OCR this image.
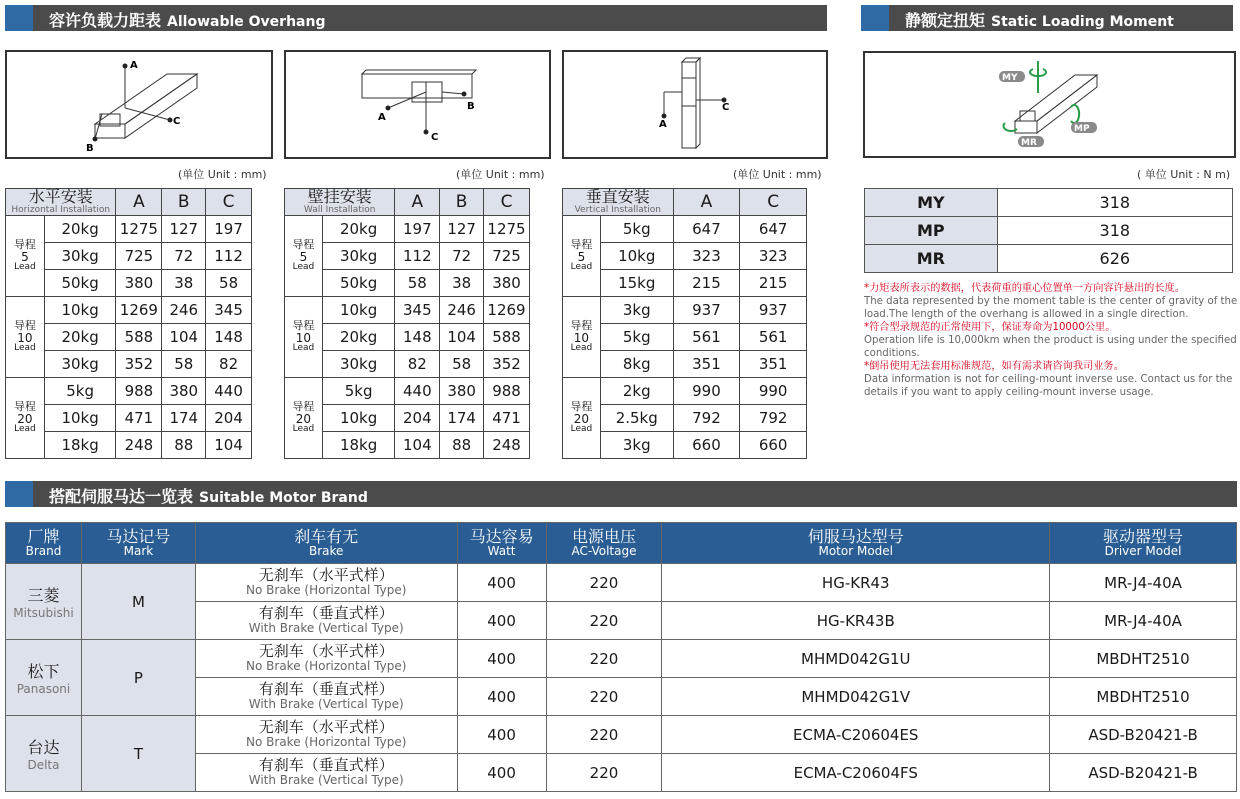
容许负载力距表 Allowable Overhang	静额定扭矩 Static Loading Moment
搭配伺服马达一览表 Suitable Motor Brand
A
C
B
(单位 Unit : mm)
A
C
B
(单位 Unit : mm)
A
C
(单位 Unit : mm)
MY
MP
MR
( 单位 Unit : N m)
水平安装
Horizontal Installation		A	B	C
导程
5
Lead	20kg	1275	127	197
	30kg	725	72	112
	50kg	380	38	58
导程
10
Lead	10kg	1269	246	345
	20kg	588	104	148
	30kg	352	58	82
导程
20
Lead	5kg	988	380	440
	10kg	471	174	204
	18kg	248	88	104
壁挂安装
Wall Installation		A	B	C
导程
5
Lead	20kg	197	127	1275
	30kg	112	72	725
	50kg	58	38	380
导程
10
Lead	10kg	345	246	1269
	20kg	148	104	588
	30kg	82	58	352
导程
20
Lead	5kg	440	380	988
	10kg	204	174	471
	18kg	104	88	248
垂直安装
Vertical Installation		A	C
导程
5
Lead	5kg	647	647
	10kg	323	323
	15kg	215	215
导程
10
Lead	3kg	937	937
	5kg	561	561
	8kg	351	351
导程
20
Lead	2kg	990	990
	2.5kg	792	792
	3kg	660	660
MY	318
MP	318
MR	626
*力矩表所表示的数据，代表荷重的重心位置单一方向容许悬出的长度。
The data represented by the moment table is the center of gravity of the load.The length of the overhang is allowed in a single direction.
*符合型录规范的正常使用下，保证寿命为10000公里。
Operation life is 10,000km when the product is using under the specified conditions.
*倒吊使用无法套用标准规范，如有需求请咨询我司业务。
Data information is not for ceiling-mount inverse use. Contact us for the details if you want to apply ceiling-mount inverse usage.
厂牌
Brand	马达记号
Mark	刹车有无
Brake	马达容易
Watt	电源电压
AC-Voltage	伺服马达型号
Motor Model	驱动器型号
Driver Model

三菱
Mitsubishi	M	无刹车（水平式样）
No Brake (Horizontal Type)	400	220	HG-KR43	MR-J4-40A

		有刹车（垂直式样）
With Brake (Vertical Type)	400	220	HG-KR43B	MR-J4-40A

松下
Panasoni	P	无刹车（水平式样）
No Brake (Horizontal Type)	400	220	MHMD042G1U	MBDHT2510

		有刹车（垂直式样）
With Brake (Vertical Type)	400	220	MHMD042G1V	MBDHT2510

台达
Delta	T	无刹车（水平式样）
No Brake (Horizontal Type)	400	220	ECMA-C20604ES	ASD-B20421-B

		有刹车（垂直式样）
With Brake (Vertical Type)	400	220	ECMA-C20604FS	ASD-B20421-B
